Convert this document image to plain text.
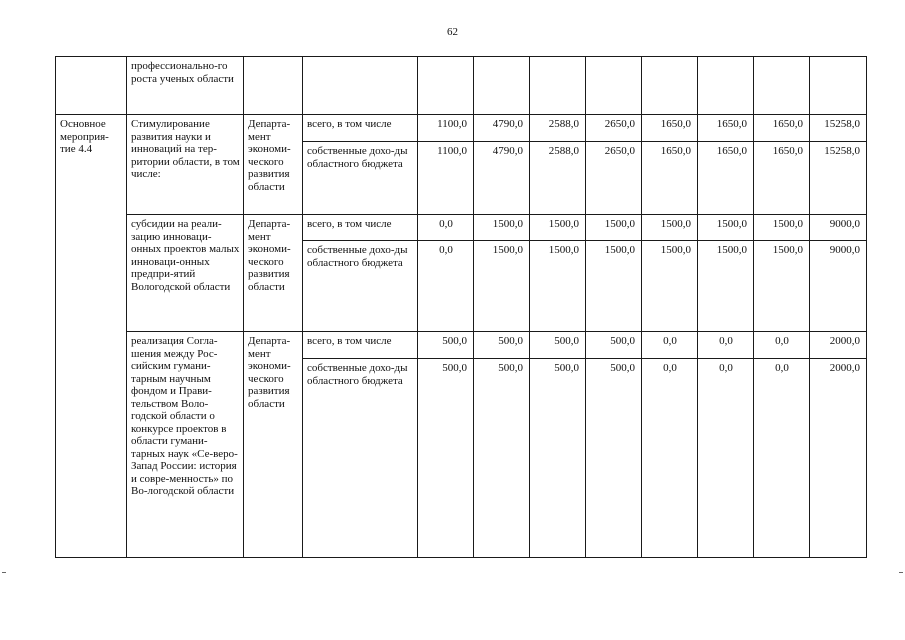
62
	профессионально-го роста ученых области										
Основное мероприя-тие 4.4	Стимулирование развития науки и инноваций на тер-ритории области, в том числе:	Департа-мент экономи-ческого развития области	всего, в том числе	1100,0	4790,0	2588,0	2650,0	1650,0	1650,0	1650,0	15258,0
			собственные дохо-ды областного бюджета	1100,0	4790,0	2588,0	2650,0	1650,0	1650,0	1650,0	15258,0
	субсидии на реали-зацию инноваци-онных проектов малых инноваци-онных предпри-ятий Вологодской области	Департа-мент экономи-ческого развития области	всего, в том числе	0,0	1500,0	1500,0	1500,0	1500,0	1500,0	1500,0	9000,0
			собственные дохо-ды областного бюджета	0,0	1500,0	1500,0	1500,0	1500,0	1500,0	1500,0	9000,0
	реализация Согла-шения между Рос-сийским гумани-тарным научным фондом и Прави-тельством Воло-годской области о конкурсе проектов в области гумани-тарных наук «Се-веро-Запад России: история и совре-менность» по Во-логодской области	Департа-мент экономи-ческого развития области	всего, в том числе	500,0	500,0	500,0	500,0	0,0	0,0	0,0	2000,0
			собственные дохо-ды областного бюджета	500,0	500,0	500,0	500,0	0,0	0,0	0,0	2000,0
